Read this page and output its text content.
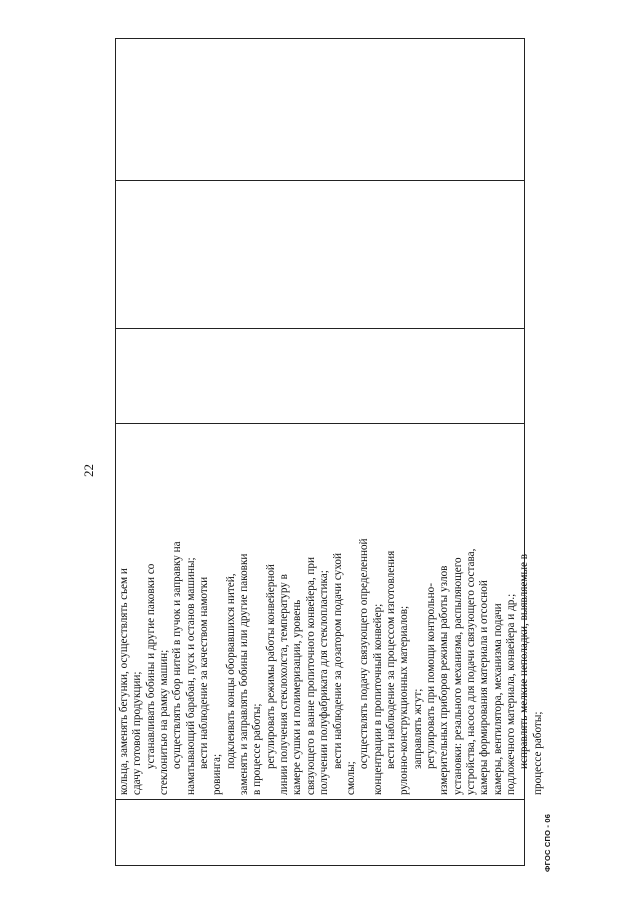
22
кольца, заменять бегунки, осуществлять съем и сдачу готовой продукции; устанавливать бобины и другие паковки со стеклонитью на рамку машин; осуществлять сбор нитей в пучок и заправку на наматывающий барабан, пуск и останов машины; вести наблюдение за качеством намотки
ровинга;
подклеивать концы оборвавшихся нитей, заменять и заправлять бобины или другие паковки в процессе работы; регулировать режимы работы конвейерной линии получения стеклохолста, температуру в камере сушки и полимеризации, уровень связующего в ванне пропиточного конвейера, при получении полуфабриката для стеклопластика; вести наблюдение за дозатором подачи сухой
смолы;
осуществлять подачу связующего определенной концентрации в пропиточный конвейер; вести наблюдение за процессом изготовления рулонно-конструкционных материалов; заправлять жгут; регулировать при помощи контрольно- измерительных приборов режимы работы узлов установки: резального механизма, распыляющего устройства, насоса для подачи связующего состава, камеры формирования материала и отсосной камеры, вентилятора, механизма подачи подложечного материала, конвейера и др.; исправлять мелкие неполадки, выявляемые в процессе работы;
ФГОС СПО - 06
